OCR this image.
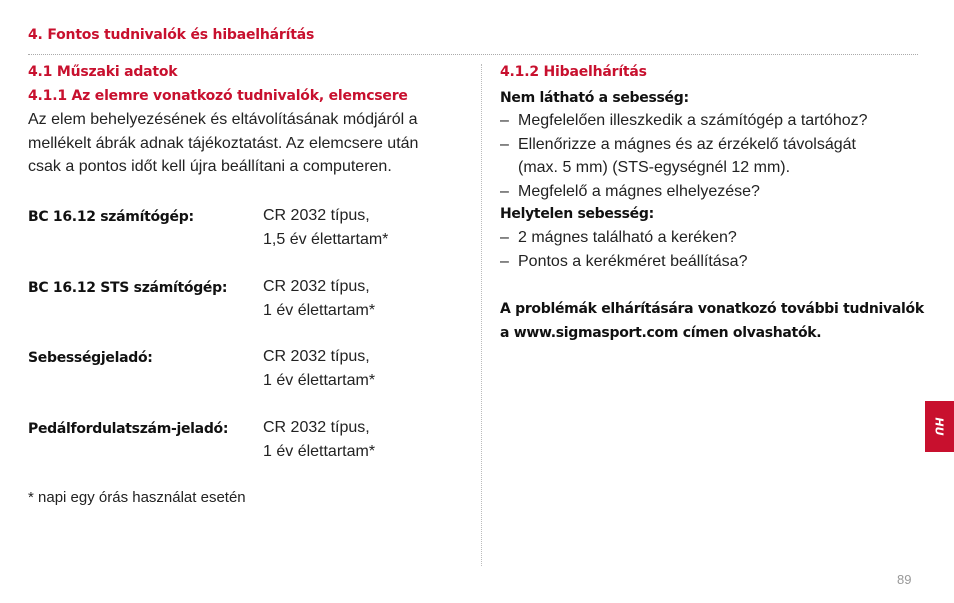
4. Fontos tudnivalók és hibaelhárítás
4.1 Műszaki adatok
4.1.1 Az elemre vonatkozó tudnivalók, elemcsere
Az elem behelyezésének és eltávolításának módjáról a
mellékelt ábrák adnak tájékoztatást. Az elemcsere után
csak a pontos időt kell újra beállítani a computeren.
BC 16.12 számítógép:	CR 2032 típus,
1,5 év élettartam*
BC 16.12 STS számítógép: CR 2032 típus,
1 év élettartam*
Sebességjeladó:	CR 2032 típus,
1 év élettartam*
Pedálfordulatszám-jeladó: CR 2032 típus,
1 év élettartam*
* napi egy órás használat esetén
4.1.2 Hibaelhárítás
Nem látható a sebesség:
– Megfelelően illeszkedik a számítógép a tartóhoz?
– Ellenőrizze a mágnes és az érzékelő távolságát
(max. 5 mm) (STS-egységnél 12 mm).
– Megfelelő a mágnes elhelyezése?
Helytelen sebesség:
– 2 mágnes található a keréken?
– Pontos a kerékméret beállítása?
A problémák elhárítására vonatkozó további tudnivalók
a www.sigmasport.com címen olvashatók.
HU
89
